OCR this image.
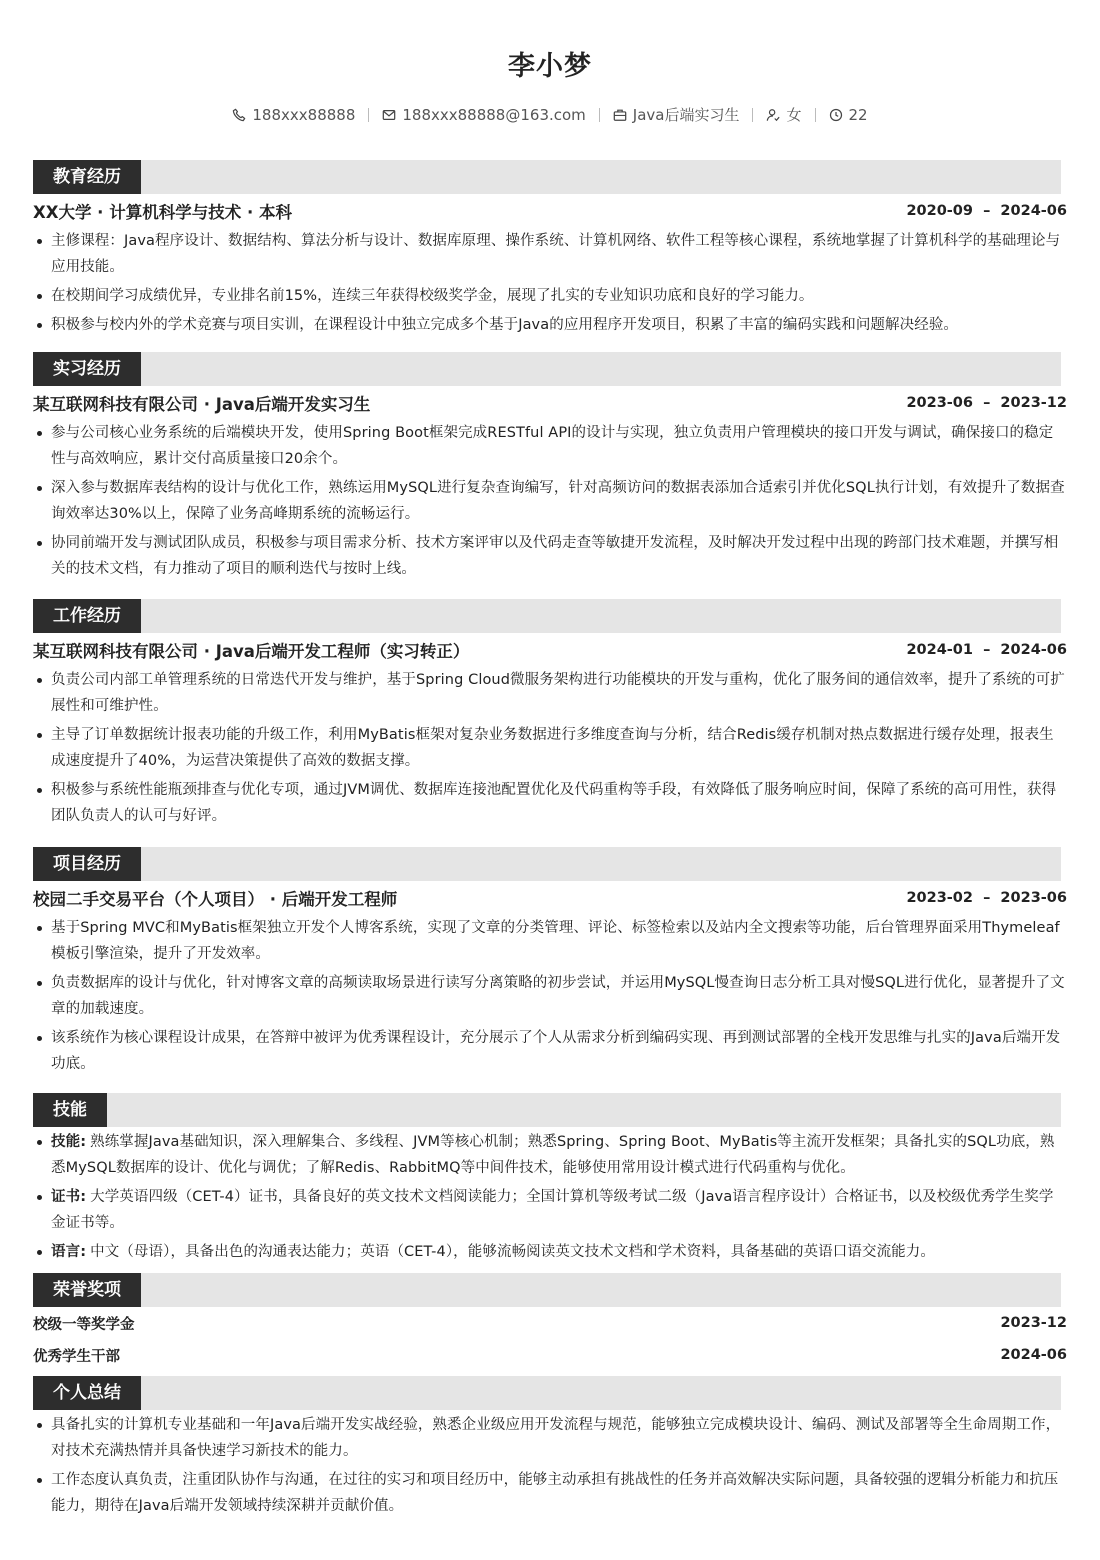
李小梦
188xxx88888	188xxx88888@163.com	Java后端实习生	女	22
教育经历
XX大学 · 计算机科学与技术 · 本科	2020-09  –  2024-06
主修课程：Java程序设计、数据结构、算法分析与设计、数据库原理、操作系统、计算机网络、软件工程等核心课程，系统地掌握了计算机科学的基础理论与应用技能。
在校期间学习成绩优异，专业排名前15%，连续三年获得校级奖学金，展现了扎实的专业知识功底和良好的学习能力。
积极参与校内外的学术竞赛与项目实训，在课程设计中独立完成多个基于Java的应用程序开发项目，积累了丰富的编码实践和问题解决经验。
实习经历
某互联网科技有限公司 · Java后端开发实习生	2023-06  –  2023-12
参与公司核心业务系统的后端模块开发，使用Spring Boot框架完成RESTful API的设计与实现，独立负责用户管理模块的接口开发与调试，确保接口的稳定性与高效响应，累计交付高质量接口20余个。
深入参与数据库表结构的设计与优化工作，熟练运用MySQL进行复杂查询编写，针对高频访问的数据表添加合适索引并优化SQL执行计划，有效提升了数据查询效率达30%以上，保障了业务高峰期系统的流畅运行。
协同前端开发与测试团队成员，积极参与项目需求分析、技术方案评审以及代码走查等敏捷开发流程，及时解决开发过程中出现的跨部门技术难题，并撰写相关的技术文档，有力推动了项目的顺利迭代与按时上线。
工作经历
某互联网科技有限公司 · Java后端开发工程师（实习转正）	2024-01  –  2024-06
负责公司内部工单管理系统的日常迭代开发与维护，基于Spring Cloud微服务架构进行功能模块的开发与重构，优化了服务间的通信效率，提升了系统的可扩展性和可维护性。
主导了订单数据统计报表功能的升级工作，利用MyBatis框架对复杂业务数据进行多维度查询与分析，结合Redis缓存机制对热点数据进行缓存处理，报表生成速度提升了40%，为运营决策提供了高效的数据支撑。
积极参与系统性能瓶颈排查与优化专项，通过JVM调优、数据库连接池配置优化及代码重构等手段，有效降低了服务响应时间，保障了系统的高可用性，获得团队负责人的认可与好评。
项目经历
校园二手交易平台（个人项目） · 后端开发工程师	2023-02  –  2023-06
基于Spring MVC和MyBatis框架独立开发个人博客系统，实现了文章的分类管理、评论、标签检索以及站内全文搜索等功能，后台管理界面采用Thymeleaf模板引擎渲染，提升了开发效率。
负责数据库的设计与优化，针对博客文章的高频读取场景进行读写分离策略的初步尝试，并运用MySQL慢查询日志分析工具对慢SQL进行优化，显著提升了文章的加载速度。
该系统作为核心课程设计成果，在答辩中被评为优秀课程设计，充分展示了个人从需求分析到编码实现、再到测试部署的全栈开发思维与扎实的Java后端开发功底。
技能
技能: 熟练掌握Java基础知识，深入理解集合、多线程、JVM等核心机制；熟悉Spring、Spring Boot、MyBatis等主流开发框架；具备扎实的SQL功底，熟悉MySQL数据库的设计、优化与调优；了解Redis、RabbitMQ等中间件技术，能够使用常用设计模式进行代码重构与优化。
证书: 大学英语四级（CET-4）证书，具备良好的英文技术文档阅读能力；全国计算机等级考试二级（Java语言程序设计）合格证书，以及校级优秀学生奖学金证书等。
语言: 中文（母语），具备出色的沟通表达能力；英语（CET-4），能够流畅阅读英文技术文档和学术资料，具备基础的英语口语交流能力。
荣誉奖项
校级一等奖学金	2023-12
优秀学生干部	2024-06
个人总结
具备扎实的计算机专业基础和一年Java后端开发实战经验，熟悉企业级应用开发流程与规范，能够独立完成模块设计、编码、测试及部署等全生命周期工作，对技术充满热情并具备快速学习新技术的能力。
工作态度认真负责，注重团队协作与沟通，在过往的实习和项目经历中，能够主动承担有挑战性的任务并高效解决实际问题，具备较强的逻辑分析能力和抗压能力，期待在Java后端开发领域持续深耕并贡献价值。
